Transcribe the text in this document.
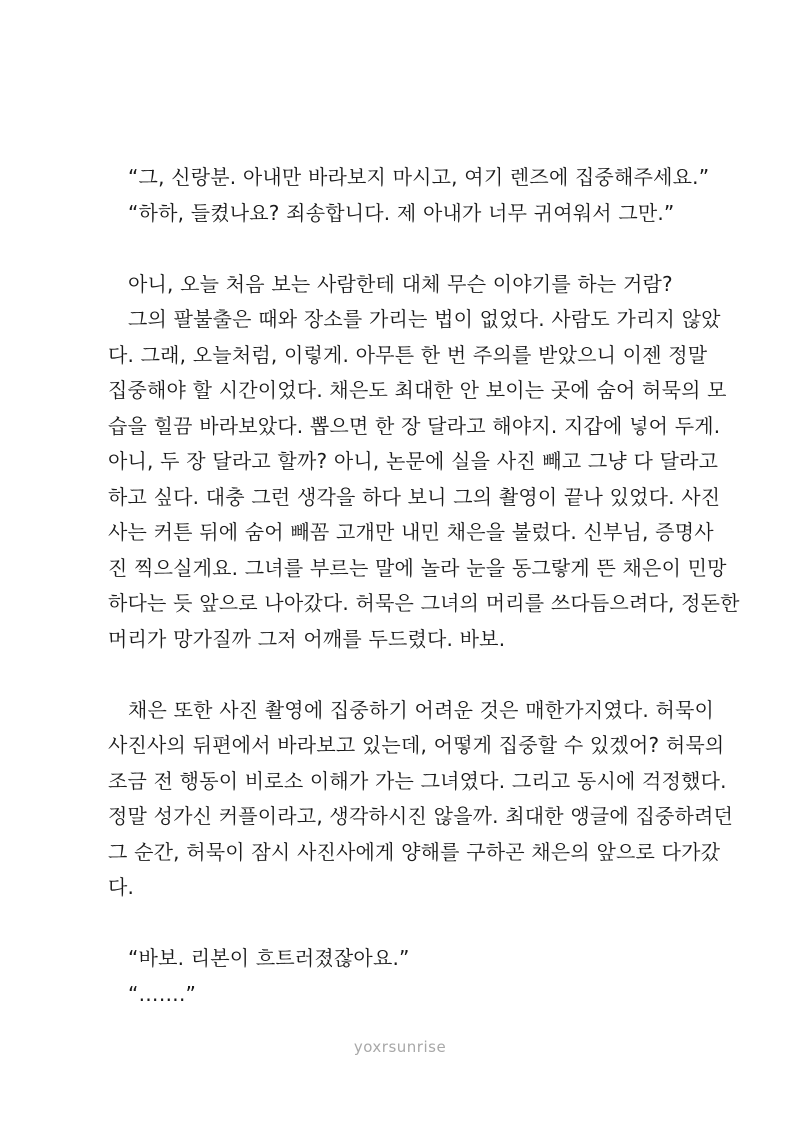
“그, 신랑분. 아내만 바라보지 마시고, 여기 렌즈에 집중해주세요.”
“하하, 들켰나요? 죄송합니다. 제 아내가 너무 귀여워서 그만.”
아니, 오늘 처음 보는 사람한테 대체 무슨 이야기를 하는 거람?
그의 팔불출은 때와 장소를 가리는 법이 없었다. 사람도 가리지 않았
다. 그래, 오늘처럼, 이렇게. 아무튼 한 번 주의를 받았으니 이젠 정말
집중해야 할 시간이었다. 채은도 최대한 안 보이는 곳에 숨어 허묵의 모
습을 힐끔 바라보았다. 뽑으면 한 장 달라고 해야지. 지갑에 넣어 두게.
아니, 두 장 달라고 할까? 아니, 논문에 실을 사진 빼고 그냥 다 달라고
하고 싶다. 대충 그런 생각을 하다 보니 그의 촬영이 끝나 있었다. 사진
사는 커튼 뒤에 숨어 빼꼼 고개만 내민 채은을 불렀다. 신부님, 증명사
진 찍으실게요. 그녀를 부르는 말에 놀라 눈을 동그랗게 뜬 채은이 민망
하다는 듯 앞으로 나아갔다. 허묵은 그녀의 머리를 쓰다듬으려다, 정돈한
머리가 망가질까 그저 어깨를 두드렸다. 바보.
채은 또한 사진 촬영에 집중하기 어려운 것은 매한가지였다. 허묵이
사진사의 뒤편에서 바라보고 있는데, 어떻게 집중할 수 있겠어? 허묵의
조금 전 행동이 비로소 이해가 가는 그녀였다. 그리고 동시에 걱정했다.
정말 성가신 커플이라고, 생각하시진 않을까. 최대한 앵글에 집중하려던
그 순간, 허묵이 잠시 사진사에게 양해를 구하곤 채은의 앞으로 다가갔
다.
“바보. 리본이 흐트러졌잖아요.”
“…….”
yoxrsunrise
